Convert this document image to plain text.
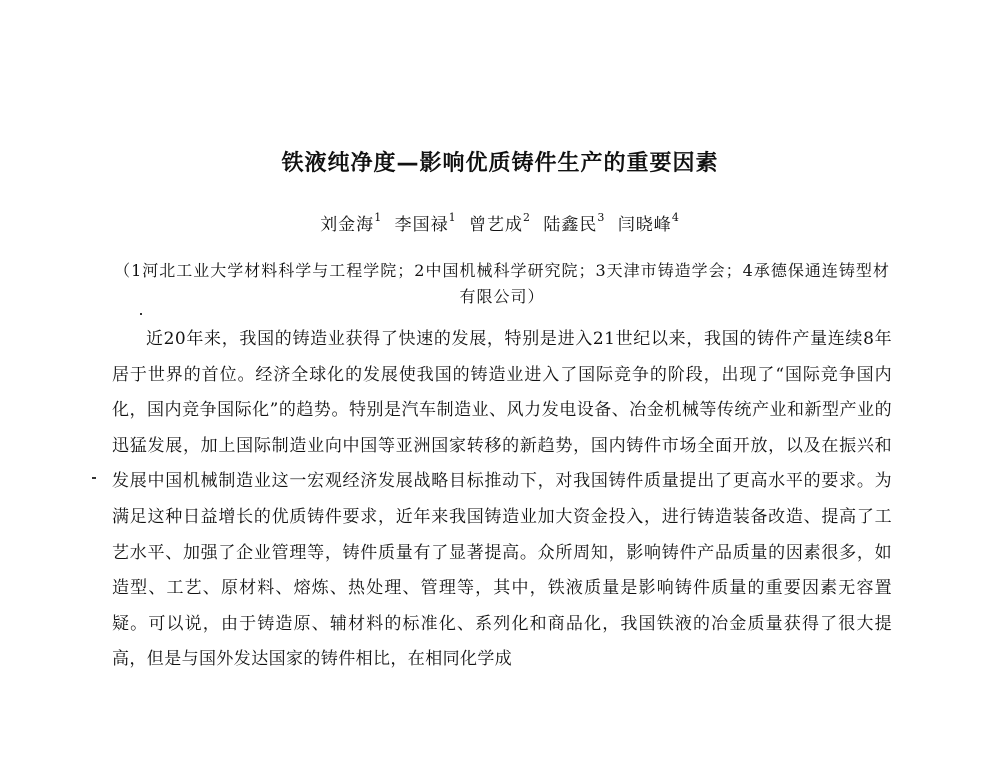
铁液纯净度—影响优质铸件生产的重要因素
刘金海$^1$ 李国禄$^1$ 曾艺成$^2$ 陆鑫民$^3$ 闫晓峰$^4$
（1河北工业大学材料科学与工程学院；2中国机械科学研究院；3天津市铸造学会；4承德保通连铸型材有限公司）

近20年来，我国的铸造业获得了快速的发展，特别是进入21世纪以来，我国的铸件产量连续8年居于世界的首位。经济全球化的发展使我国的铸造业进入了国际竞争的阶段，出现了“国际竞争国内化，国内竞争国际化”的趋势。特别是汽车制造业、风力发电设备、冶金机械等传统产业和新型产业的迅猛发展，加上国际制造业向中国等亚洲国家转移的新趋势，国内铸件市场全面开放，以及在振兴和发展中国机械制造业这一宏观经济发展战略目标推动下，对我国铸件质量提出了更高水平的要求。为满足这种日益增长的优质铸件要求，近年来我国铸造业加大资金投入，进行铸造装备改造、提高了工艺水平、加强了企业管理等，铸件质量有了显著提高。众所周知，影响铸件产品质量的因素很多，如造型、工艺、原材料、熔炼、热处理、管理等，其中，铁液质量是影响铸件质量的重要因素无容置疑。可以说，由于铸造原、辅材料的标准化、系列化和商品化，我国铁液的冶金质量获得了很大提高，但是与国外发达国家的铸件相比，在相同化学成
